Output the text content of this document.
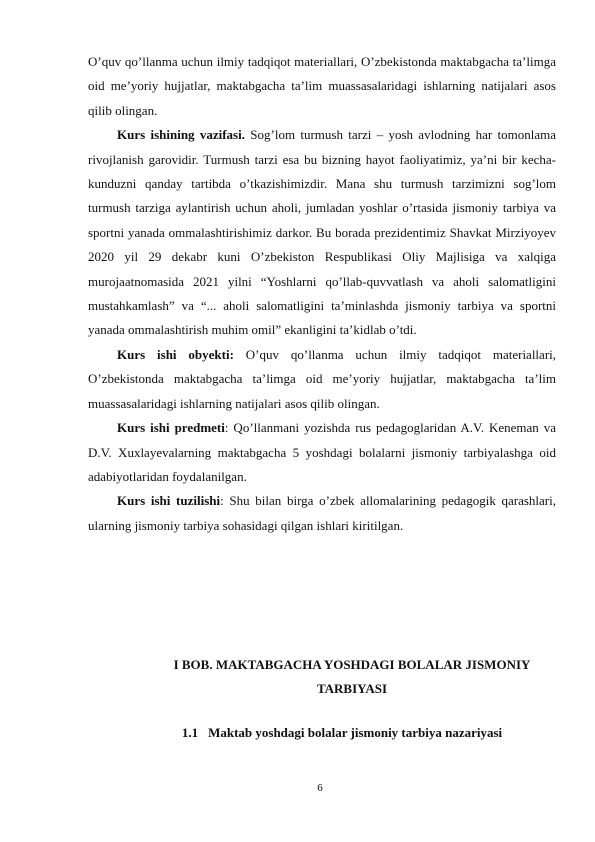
O’quv qo’llanma uchun ilmiy tadqiqot materiallari, O’zbekistonda maktabgacha ta’limga oid me’yoriy hujjatlar, maktabgacha ta’lim muassasalaridagi ishlarning natijalari asos qilib olingan.

Kurs ishining vazifasi. Sog’lom turmush tarzi – yosh avlodning har tomonlama rivojlanish garovidir. Turmush tarzi esa bu bizning hayot faoliyatimiz, ya’ni bir kecha-kunduzni qanday tartibda o’tkazishimizdir. Mana shu turmush tarzimizni sog’lom turmush tarziga aylantirish uchun aholi, jumladan yoshlar o’rtasida jismoniy tarbiya va sportni yanada ommalashtirishimiz darkor. Bu borada prezidentimiz Shavkat Mirziyoyev 2020 yil 29 dekabr kuni O’zbekiston Respublikasi Oliy Majlisiga va xalqiga murojaatnomasida 2021 yilni “Yoshlarni qo’llab-quvvatlash va aholi salomatligini mustahkamlash” va “... aholi salomatligini ta’minlashda jismoniy tarbiya va sportni yanada ommalashtirish muhim omil” ekanligini ta’kidlab o’tdi.

Kurs ishi obyekti: O’quv qo’llanma uchun ilmiy tadqiqot materiallari, O’zbekistonda maktabgacha ta’limga oid me’yoriy hujjatlar, maktabgacha ta’lim muassasalaridagi ishlarning natijalari asos qilib olingan.

Kurs ishi predmeti: Qo’llanmani yozishda rus pedagoglaridan A.V. Keneman va D.V. Xuxlayevalarning maktabgacha 5 yoshdagi bolalarni jismoniy tarbiyalashga oid adabiyotlaridan foydalanilgan.

Kurs ishi tuzilishi: Shu bilan birga o’zbek allomalarining pedagogik qarashlari, ularning jismoniy tarbiya sohasidagi qilgan ishlari kiritilgan.

I BOB. MAKTABGACHA YOSHDAGI BOLALAR JISMONIY
TARBIYASI
1.1 Maktab yoshdagi bolalar jismoniy tarbiya nazariyasi
6
